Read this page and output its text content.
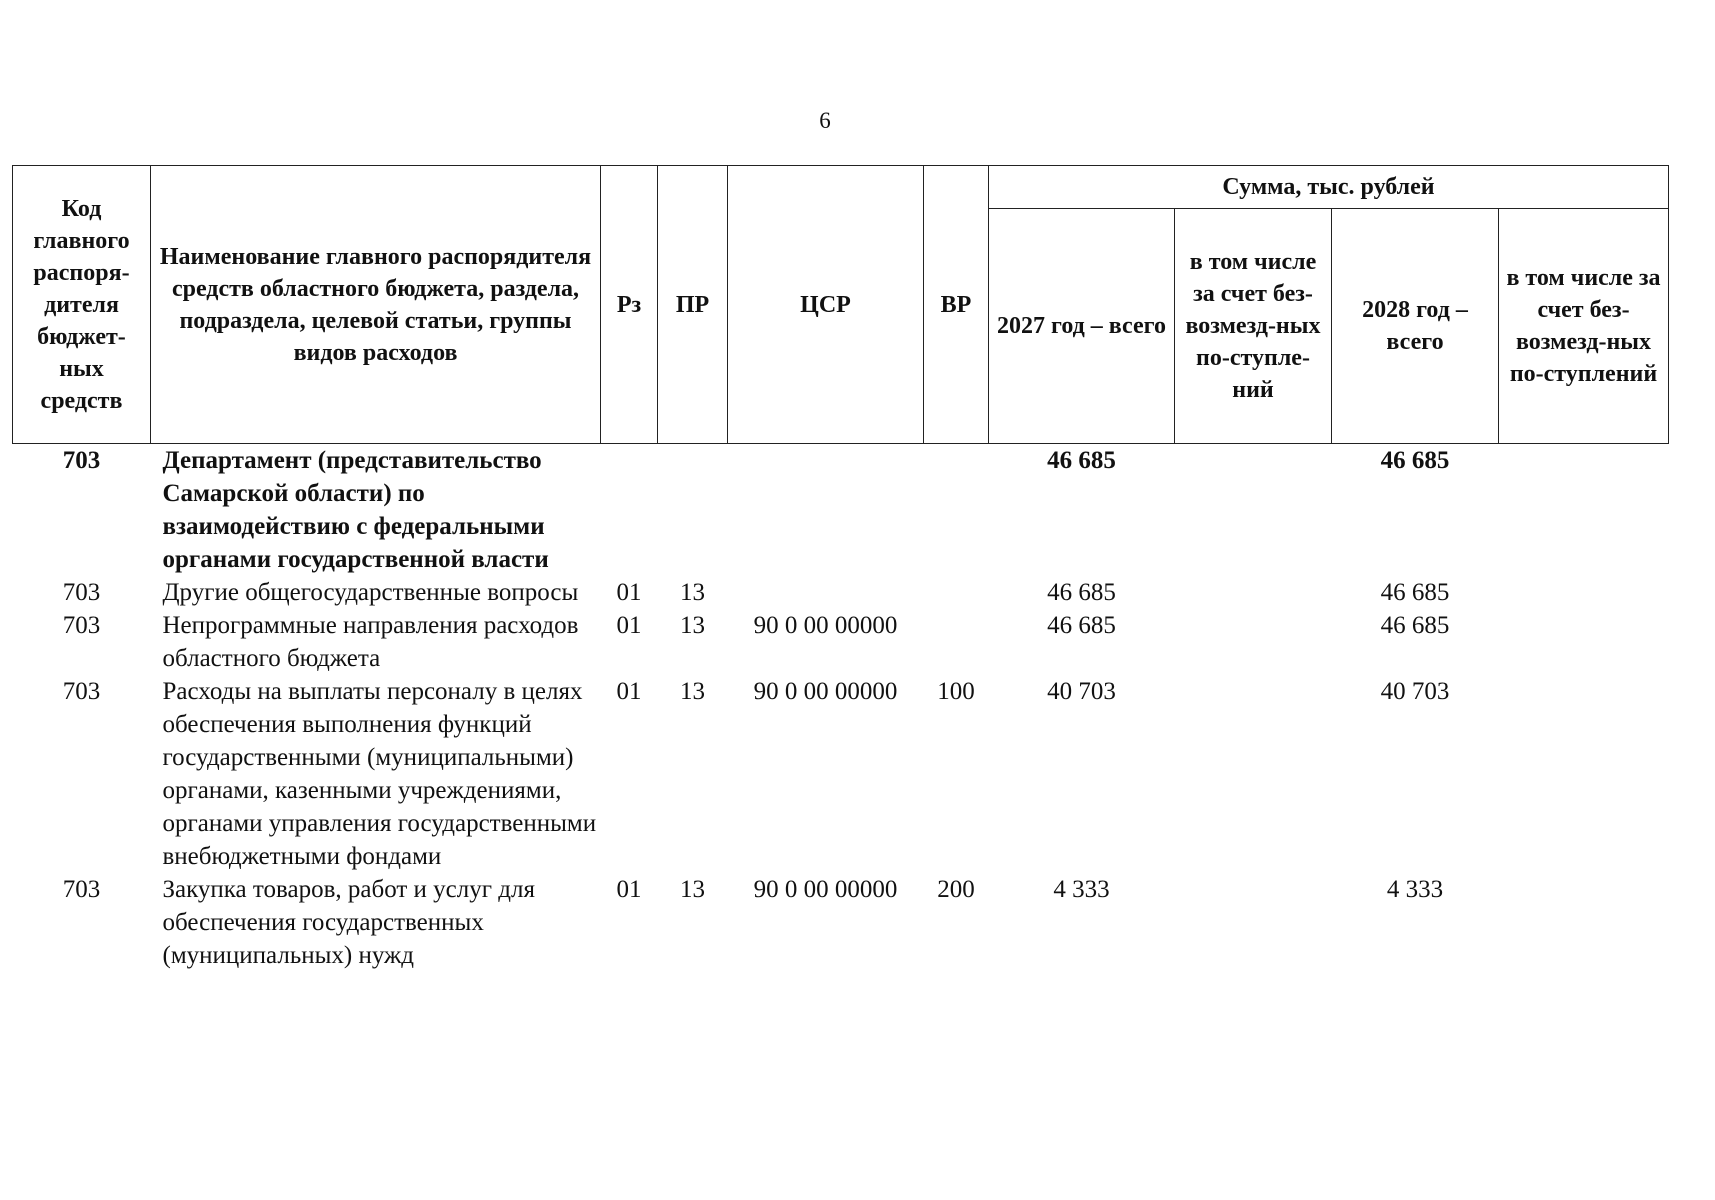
6
Код главного распоря-дителя бюджет-ных средств	Наименование главного распорядителя средств областного бюджета, раздела, подраздела, целевой статьи, группы видов расходов	Рз	ПР	ЦСР	ВР	Сумма, тыс. рублей			
						2027 год – всего	в том числе за счет без-возмезд-ных по-ступле-ний	2028 год – всего	в том числе за счет без-возмезд-ных по-ступлений
703	Департамент (представительство Самарской области) по взаимодействию с федеральными органами государственной власти					46 685		46 685	
703	Другие общегосударственные вопросы	01	13			46 685		46 685	
703	Непрограммные направления расходов областного бюджета	01	13	90 0 00 00000		46 685		46 685	
703	Расходы на выплаты персоналу в целях обеспечения выполнения функций государственными (муниципальными) органами, казенными учреждениями, органами управления государственными внебюджетными фондами	01	13	90 0 00 00000	100	40 703		40 703	
703	Закупка товаров, работ и услуг для обеспечения государственных (муниципальных) нужд	01	13	90 0 00 00000	200	4 333		4 333	
